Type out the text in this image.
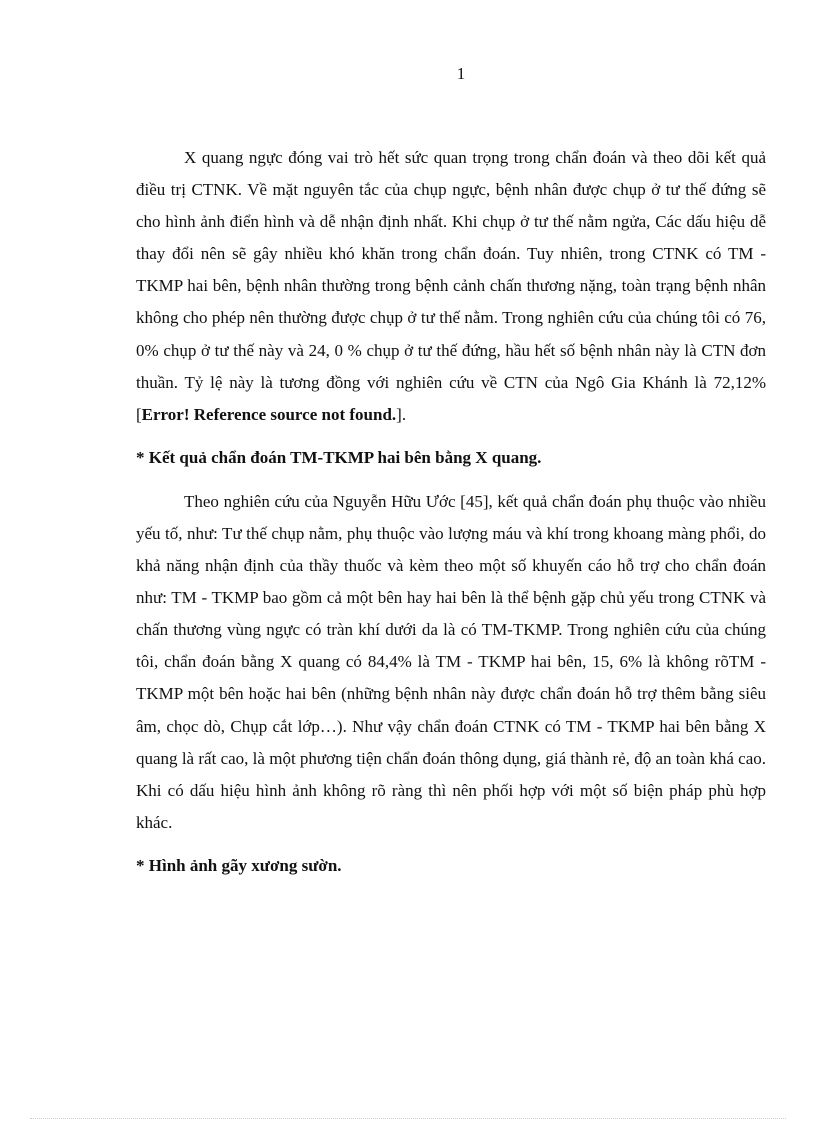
1

X quang ngực đóng vai trò hết sức quan trọng trong chẩn đoán và theo dõi kết quả điều trị CTNK. Về mặt nguyên tắc của chụp ngực, bệnh nhân được chụp ở tư thế đứng sẽ cho hình ảnh điển hình và dễ nhận định nhất. Khi chụp ở tư thế nằm ngửa, Các dấu hiệu dễ thay đổi nên sẽ gây nhiều khó khăn trong chẩn đoán. Tuy nhiên, trong CTNK có TM - TKMP hai bên, bệnh nhân thường trong bệnh cảnh chấn thương nặng, toàn trạng bệnh nhân không cho phép nên thường được chụp ở tư thế nằm. Trong nghiên cứu của chúng tôi có 76, 0% chụp ở tư thế này và 24, 0 % chụp ở tư thế đứng, hầu hết số bệnh nhân này là CTN đơn thuần. Tỷ lệ này là tương đồng với nghiên cứu về CTN của Ngô Gia Khánh là 72,12% [Error! Reference source not found.].

* Kết quả chẩn đoán TM-TKMP hai bên bằng X quang.

Theo nghiên cứu của Nguyễn Hữu Ước [45], kết quả chẩn đoán phụ thuộc vào nhiều yếu tố, như: Tư thế chụp nằm, phụ thuộc vào lượng máu và khí trong khoang màng phổi, do khả năng nhận định của thầy thuốc và kèm theo một số khuyến cáo hỗ trợ cho chẩn đoán như: TM - TKMP bao gồm cả một bên hay hai bên là thể bệnh gặp chủ yếu trong CTNK và chấn thương vùng ngực có tràn khí dưới da là có TM-TKMP. Trong nghiên cứu của chúng tôi, chẩn đoán bằng X quang có 84,4% là TM - TKMP hai bên, 15, 6% là không rõTM - TKMP một bên hoặc hai bên (những bệnh nhân này được chẩn đoán hỗ trợ thêm bằng siêu âm, chọc dò, Chụp cắt lớp…). Như vậy chẩn đoán CTNK có TM - TKMP hai bên bằng X quang là rất cao, là một phương tiện chẩn đoán thông dụng, giá thành rẻ, độ an toàn khá cao. Khi có dấu hiệu hình ảnh không rõ ràng thì nên phối hợp với một số biện pháp phù hợp khác.

* Hình ảnh gãy xương sườn.
